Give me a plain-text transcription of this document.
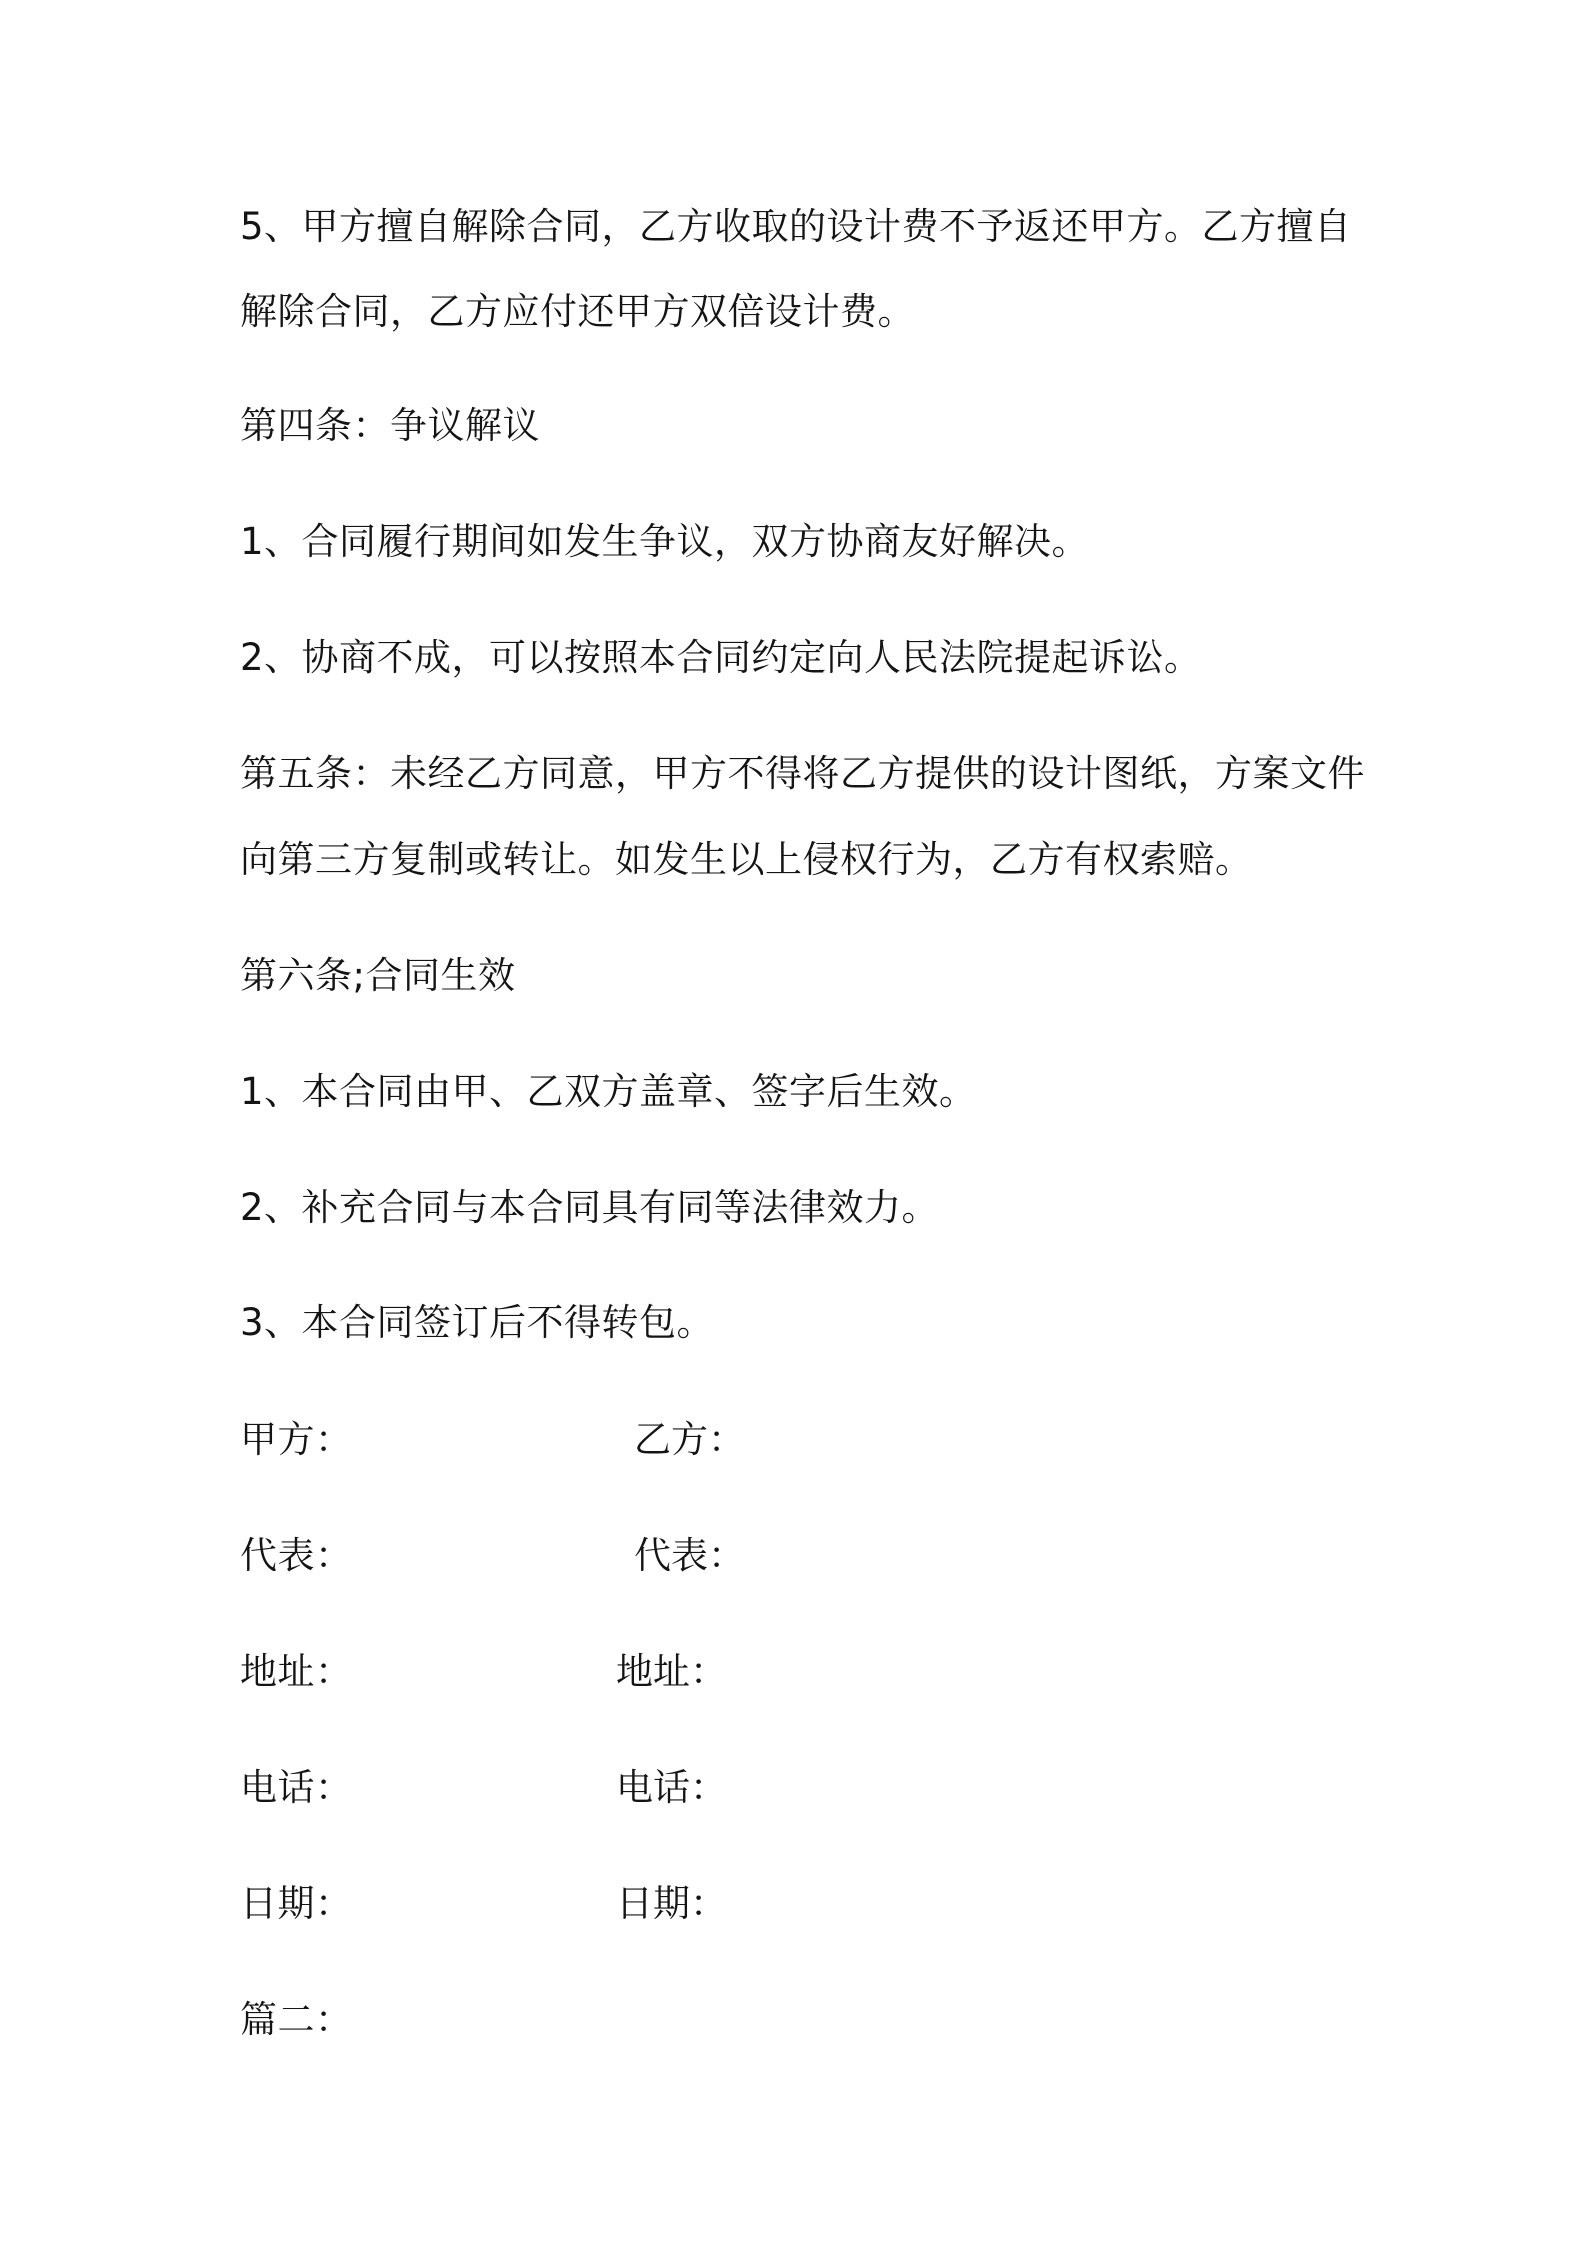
5、甲方擅自解除合同，乙方收取的设计费不予返还甲方。乙方擅自
解除合同，乙方应付还甲方双倍设计费。
第四条：争议解议
1、合同履行期间如发生争议，双方协商友好解决。
2、协商不成，可以按照本合同约定向人民法院提起诉讼。
第五条：未经乙方同意，甲方不得将乙方提供的设计图纸，方案文件
向第三方复制或转让。如发生以上侵权行为，乙方有权索赔。
第六条;合同生效
1、本合同由甲、乙双方盖章、签字后生效。
2、补充合同与本合同具有同等法律效力。
3、本合同签订后不得转包。
甲方：	乙方：
代表：	代表：
地址：	地址：
电话：	电话：
日期：	日期：
篇二：
